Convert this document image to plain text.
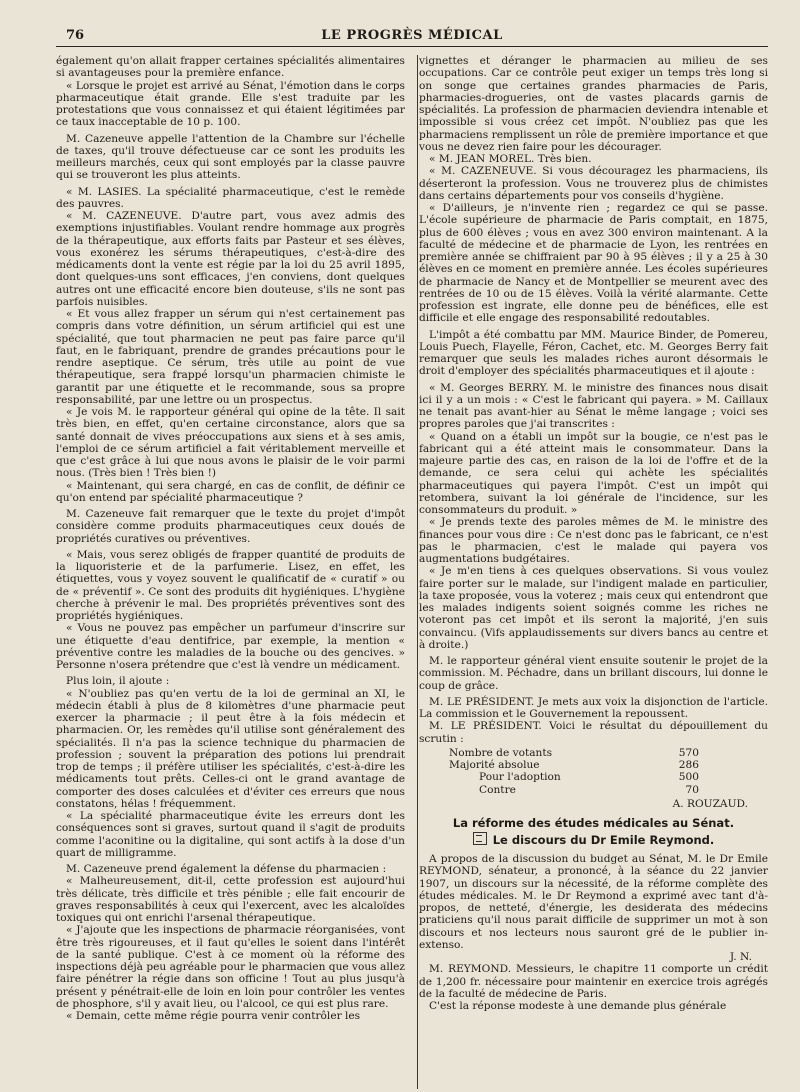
76	LE PROGRÈS MÉDICAL

également qu'on allait frapper certaines spécialités alimentaires si avantageuses pour la première enfance.

« Lorsque le projet est arrivé au Sénat, l'émotion dans le corps pharmaceutique était grande. Elle s'est traduite par les protestations que vous connaissez et qui étaient légitimées par ce taux inacceptable de 10 p. 100.

M. Cazeneuve appelle l'attention de la Chambre sur l'échelle de taxes, qu'il trouve défectueuse car ce sont les produits les meilleurs marchés, ceux qui sont employés par la classe pauvre qui se trouveront les plus atteints.

« M. LASIES. La spécialité pharmaceutique, c'est le remède des pauvres.

« M. CAZENEUVE. D'autre part, vous avez admis des exemptions injustifiables. Voulant rendre hommage aux progrès de la thérapeutique, aux efforts faits par Pasteur et ses élèves, vous exonérez les sérums thérapeutiques, c'est-à-dire des médicaments dont la vente est régie par la loi du 25 avril 1895, dont quelques-uns sont efficaces, j'en conviens, dont quelques autres ont une efficacité encore bien douteuse, s'ils ne sont pas parfois nuisibles.

« Et vous allez frapper un sérum qui n'est certainement pas compris dans votre définition, un sérum artificiel qui est une spécialité, que tout pharmacien ne peut pas faire parce qu'il faut, en le fabriquant, prendre de grandes précautions pour le rendre aseptique. Ce sérum, très utile au point de vue thérapeutique, sera frappé lorsqu'un pharmacien chimiste le garantit par une étiquette et le recommande, sous sa propre responsabilité, par une lettre ou un prospectus.

« Je vois M. le rapporteur général qui opine de la tête. Il sait très bien, en effet, qu'en certaine circonstance, alors que sa santé donnait de vives préoccupations aux siens et à ses amis, l'emploi de ce sérum artificiel a fait véritablement merveille et que c'est grâce à lui que nous avons le plaisir de le voir parmi nous. (Très bien ! Très bien !)

« Maintenant, qui sera chargé, en cas de conflit, de définir ce qu'on entend par spécialité pharmaceutique ?

M. Cazeneuve fait remarquer que le texte du projet d'impôt considère comme produits pharmaceutiques ceux doués de propriétés curatives ou préventives.

« Mais, vous serez obligés de frapper quantité de produits de la liquoristerie et de la parfumerie. Lisez, en effet, les étiquettes, vous y voyez souvent le qualificatif de « curatif » ou de « préventif ». Ce sont des produits dit hygiéniques. L'hygiène cherche à prévenir le mal. Des propriétés préventives sont des propriétés hygiéniques.

« Vous ne pouvez pas empêcher un parfumeur d'inscrire sur une étiquette d'eau dentifrice, par exemple, la mention « préventive contre les maladies de la bouche ou des gencives. » Personne n'osera prétendre que c'est là vendre un médicament.

Plus loin, il ajoute :

« N'oubliez pas qu'en vertu de la loi de germinal an XI, le médecin établi à plus de 8 kilomètres d'une pharmacie peut exercer la pharmacie ; il peut être à la fois médecin et pharmacien. Or, les remèdes qu'il utilise sont généralement des spécialités. Il n'a pas la science technique du pharmacien de profession ; souvent la préparation des potions lui prendrait trop de temps ; il préfère utiliser les spécialités, c'est-à-dire les médicaments tout prêts. Celles-ci ont le grand avantage de comporter des doses calculées et d'éviter ces erreurs que nous constatons, hélas ! fréquemment.

« La spécialité pharmaceutique évite les erreurs dont les conséquences sont si graves, surtout quand il s'agit de produits comme l'aconitine ou la digitaline, qui sont actifs à la dose d'un quart de milligramme.

M. Cazeneuve prend également la défense du pharmacien :

« Malheureusement, dit-il, cette profession est aujourd'hui très délicate, très difficile et très pénible ; elle fait encourir de graves responsabilités à ceux qui l'exercent, avec les alcaloïdes toxiques qui ont enrichi l'arsenal thérapeutique.

« J'ajoute que les inspections de pharmacie réorganisées, vont être très rigoureuses, et il faut qu'elles le soient dans l'intérêt de la santé publique. C'est à ce moment où la réforme des inspections déjà peu agréable pour le pharmacien que vous allez faire pénétrer la régie dans son officine ! Tout au plus jusqu'à présent y pénétrait-elle de loin en loin pour contrôler les ventes de phosphore, s'il y avait lieu, ou l'alcool, ce qui est plus rare.

« Demain, cette même régie pourra venir contrôler les

vignettes et déranger le pharmacien au milieu de ses occupations. Car ce contrôle peut exiger un temps très long si on songe que certaines grandes pharmacies de Paris, pharmacies-drogueries, ont de vastes placards garnis de spécialités. La profession de pharmacien deviendra intenable et impossible si vous créez cet impôt. N'oubliez pas que les pharmaciens remplissent un rôle de première importance et que vous ne devez rien faire pour les décourager.

« M. JEAN MOREL. Très bien.

« M. CAZENEUVE. Si vous découragez les pharmaciens, ils déserteront la profession. Vous ne trouverez plus de chimistes dans certains départements pour vos conseils d'hygiène.

« D'ailleurs, je n'invente rien ; regardez ce qui se passe. L'école supérieure de pharmacie de Paris comptait, en 1875, plus de 600 élèves ; vous en avez 300 environ maintenant. A la faculté de médecine et de pharmacie de Lyon, les rentrées en première année se chiffraient par 90 à 95 élèves ; il y a 25 à 30 élèves en ce moment en première année. Les écoles supérieures de pharmacie de Nancy et de Montpellier se meurent avec des rentrées de 10 ou de 15 élèves. Voilà la vérité alarmante. Cette profession est ingrate, elle donne peu de bénéfices, elle est difficile et elle engage des responsabilité redoutables.

L'impôt a été combattu par MM. Maurice Binder, de Pomereu, Louis Puech, Flayelle, Féron, Cachet, etc. M. Georges Berry fait remarquer que seuls les malades riches auront désormais le droit d'employer des spécialités pharmaceutiques et il ajoute :

« M. Georges BERRY. M. le ministre des finances nous disait ici il y a un mois : « C'est le fabricant qui payera. » M. Caillaux ne tenait pas avant-hier au Sénat le même langage ; voici ses propres paroles que j'ai transcrites :

« Quand on a établi un impôt sur la bougie, ce n'est pas le fabricant qui a été atteint mais le consommateur. Dans la majeure partie des cas, en raison de la loi de l'offre et de la demande, ce sera celui qui achète les spécialités pharmaceutiques qui payera l'impôt. C'est un impôt qui retombera, suivant la loi générale de l'incidence, sur les consommateurs du produit. »

« Je prends texte des paroles mêmes de M. le ministre des finances pour vous dire : Ce n'est donc pas le fabricant, ce n'est pas le pharmacien, c'est le malade qui payera vos augmentations budgétaires.

« Je m'en tiens à ces quelques observations. Si vous voulez faire porter sur le malade, sur l'indigent malade en particulier, la taxe proposée, vous la voterez ; mais ceux qui entendront que les malades indigents soient soignés comme les riches ne voteront pas cet impôt et ils seront la majorité, j'en suis convaincu. (Vifs applaudissements sur divers bancs au centre et à droite.)

M. le rapporteur général vient ensuite soutenir le projet de la commission. M. Péchadre, dans un brillant discours, lui donne le coup de grâce.

M. LE PRÉSIDENT. Je mets aux voix la disjonction de l'article. La commission et le Gouvernement la repoussent.

M. LE PRÉSIDENT. Voici le résultat du dépouillement du scrutin :

Nombre de votants	570
Majorité absolue	286
Pour l'adoption	500
Contre	70
A. ROUZAUD.
La réforme des études médicales au Sénat.
Le discours du Dr Emile Reymond.

A propos de la discussion du budget au Sénat, M. le Dr Emile REYMOND, sénateur, a prononcé, à la séance du 22 janvier 1907, un discours sur la nécessité, de la réforme complète des études médicales. M. le Dr Reymond a exprimé avec tant d'à-propos, de netteté, d'énergie, les desiderata des médecins praticiens qu'il nous parait difficile de supprimer un mot à son discours et nos lecteurs nous sauront gré de le publier in-extenso.

J. N.

M. REYMOND. Messieurs, le chapitre 11 comporte un crédit de 1,200 fr. nécessaire pour maintenir en exercice trois agrégés de la faculté de médecine de Paris.

C'est la réponse modeste à une demande plus générale
